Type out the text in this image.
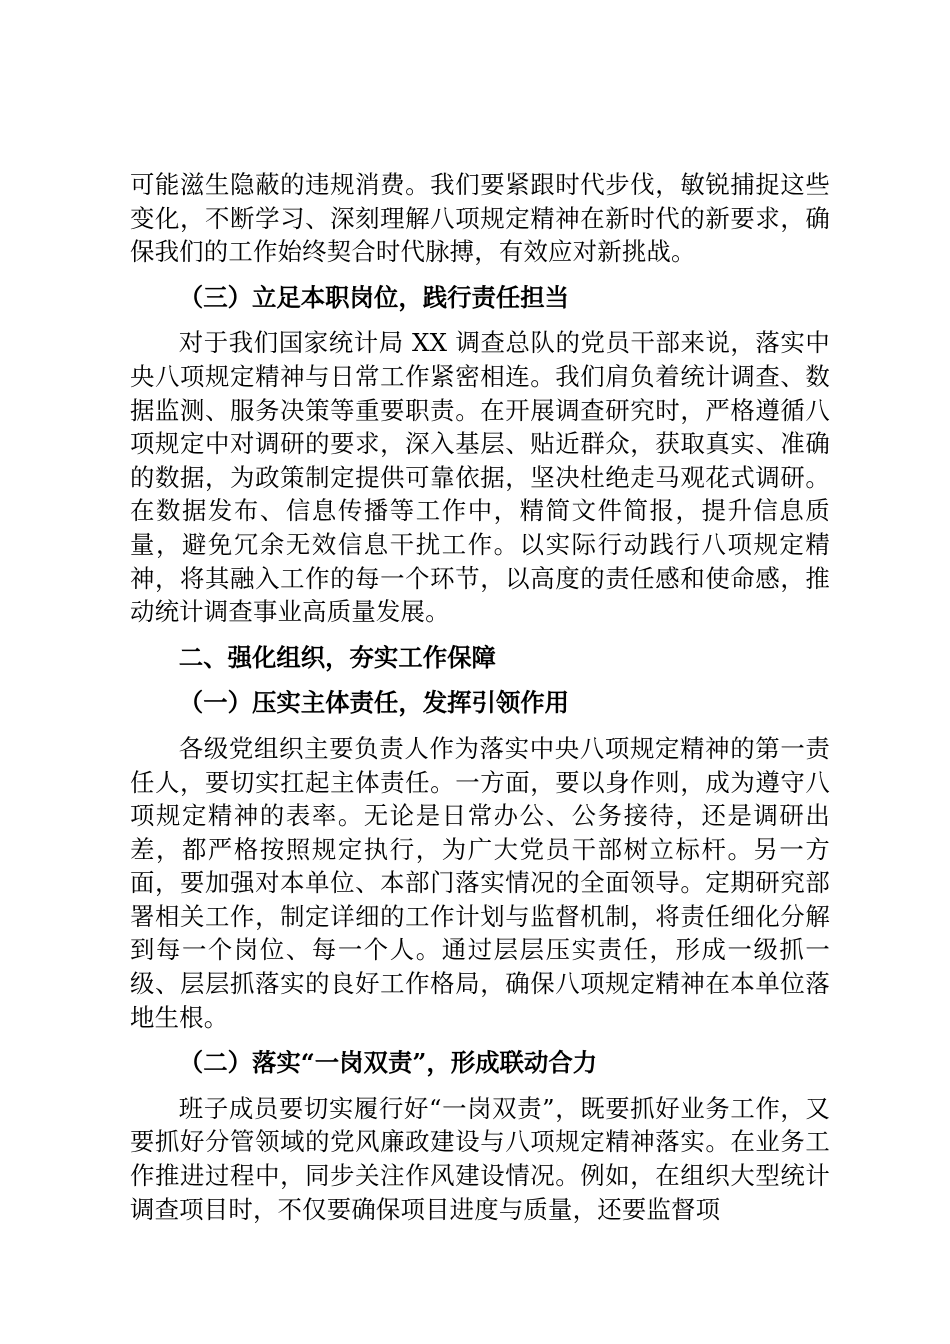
可能滋生隐蔽的违规消费。我们要紧跟时代步伐，敏锐捕捉这些变化，不断学习、深刻理解八项规定精神在新时代的新要求，确保我们的工作始终契合时代脉搏，有效应对新挑战。

（三）立足本职岗位，践行责任担当

对于我们国家统计局 XX 调查总队的党员干部来说，落实中央八项规定精神与日常工作紧密相连。我们肩负着统计调查、数据监测、服务决策等重要职责。在开展调查研究时，严格遵循八项规定中对调研的要求，深入基层、贴近群众，获取真实、准确的数据，为政策制定提供可靠依据，坚决杜绝走马观花式调研。在数据发布、信息传播等工作中，精简文件简报，提升信息质量，避免冗余无效信息干扰工作。以实际行动践行八项规定精神，将其融入工作的每一个环节，以高度的责任感和使命感，推动统计调查事业高质量发展。

二、强化组织，夯实工作保障
（一）压实主体责任，发挥引领作用

各级党组织主要负责人作为落实中央八项规定精神的第一责任人，要切实扛起主体责任。一方面，要以身作则，成为遵守八项规定精神的表率。无论是日常办公、公务接待，还是调研出差，都严格按照规定执行，为广大党员干部树立标杆。另一方面，要加强对本单位、本部门落实情况的全面领导。定期研究部署相关工作，制定详细的工作计划与监督机制，将责任细化分解到每一个岗位、每一个人。通过层层压实责任，形成一级抓一级、层层抓落实的良好工作格局，确保八项规定精神在本单位落地生根。

（二）落实“一岗双责”，形成联动合力

班子成员要切实履行好“一岗双责”，既要抓好业务工作，又要抓好分管领域的党风廉政建设与八项规定精神落实。在业务工作推进过程中，同步关注作风建设情况。例如，在组织大型统计调查项目时，不仅要确保项目进度与质量，还要监督项
